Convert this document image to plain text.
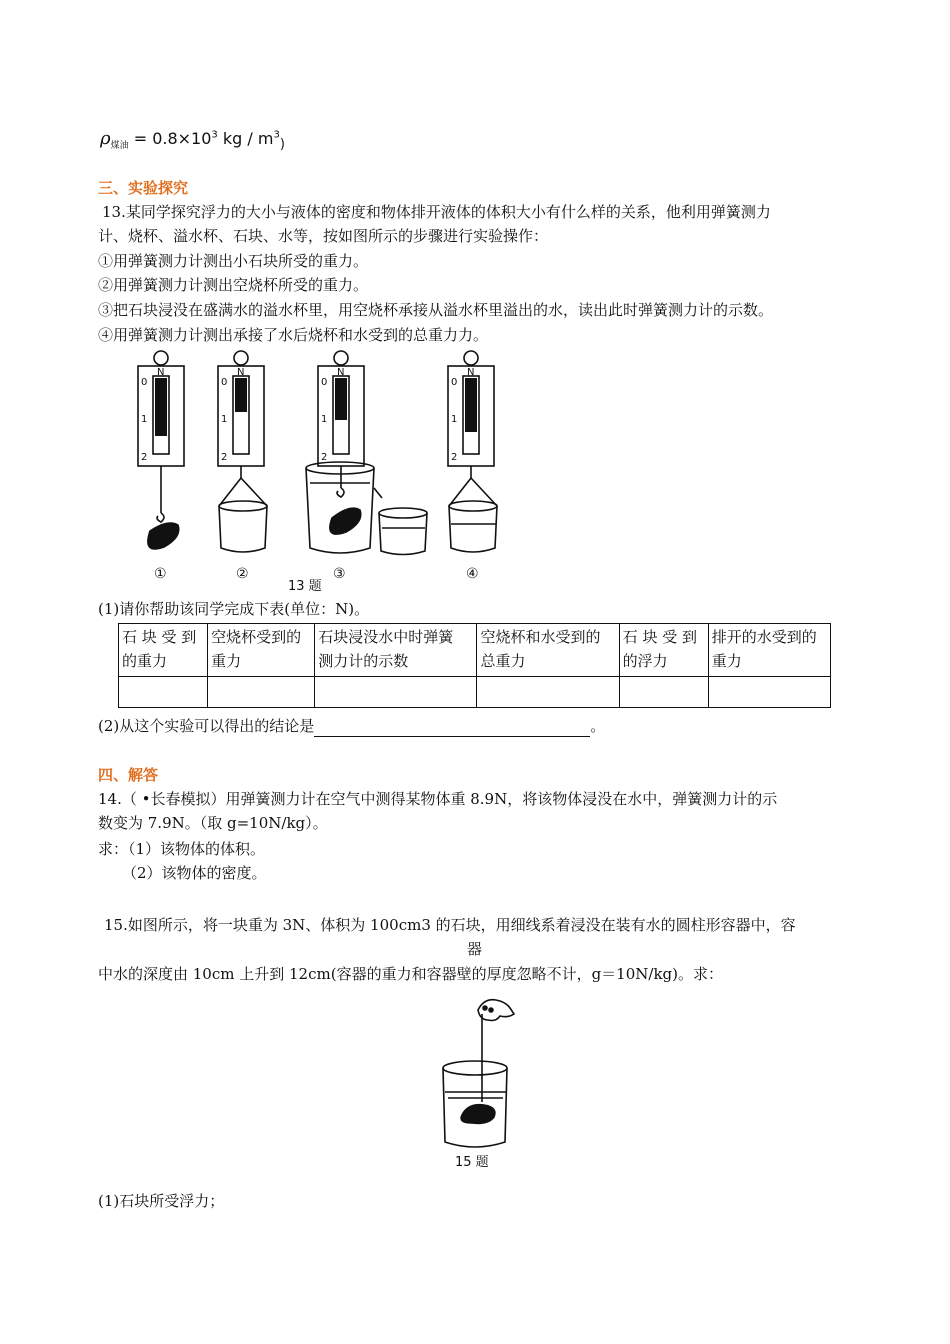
$\rho_{煤油} = 0.8\times 10^3$ kg / $m^3_)$
三、实验探究
13.某同学探究浮力的大小与液体的密度和物体排开液体的体积大小有什么样的关系，他利用弹簧测力
计、烧杯、溢水杯、石块、水等，按如图所示的步骤进行实验操作：
①用弹簧测力计测出小石块所受的重力。
②用弹簧测力计测出空烧杯所受的重力。
③把石块浸没在盛满水的溢水杯里，用空烧杯承接从溢水杯里溢出的水，读出此时弹簧测力计的示数。
④用弹簧测力计测出承接了水后烧杯和水受到的总重力力。
N
0
1
2
N
0
1
2
N
0
1
2
N
0
1
2
①	②	③	④
13 题
(1)请你帮助该同学完成下表(单位：N)。
石 块 受 到
的重力	空烧杯受到的
重力	石块浸没水中时弹簧
测力计的示数	空烧杯和水受到的
总重力	石 块 受 到
的浮力	排开的水受到的
重力

(2)从这个实验可以得出的结论是	。
四、解答
14.（ •长春模拟）用弹簧测力计在空气中测得某物体重 8.9N，将该物体浸没在水中，弹簧测力计的示
数变为 7.9N。（取 g=10N/kg）。
求：（1）该物体的体积。
（2）该物体的密度。
15.如图所示，将一块重为 3N、体积为 100cm3 的石块，用细线系着浸没在装有水的圆柱形容器中，容
器
中水的深度由 10cm 上升到 12cm(容器的重力和容器壁的厚度忽略不计，g＝10N/kg)。求：
15 题
(1)石块所受浮力；
